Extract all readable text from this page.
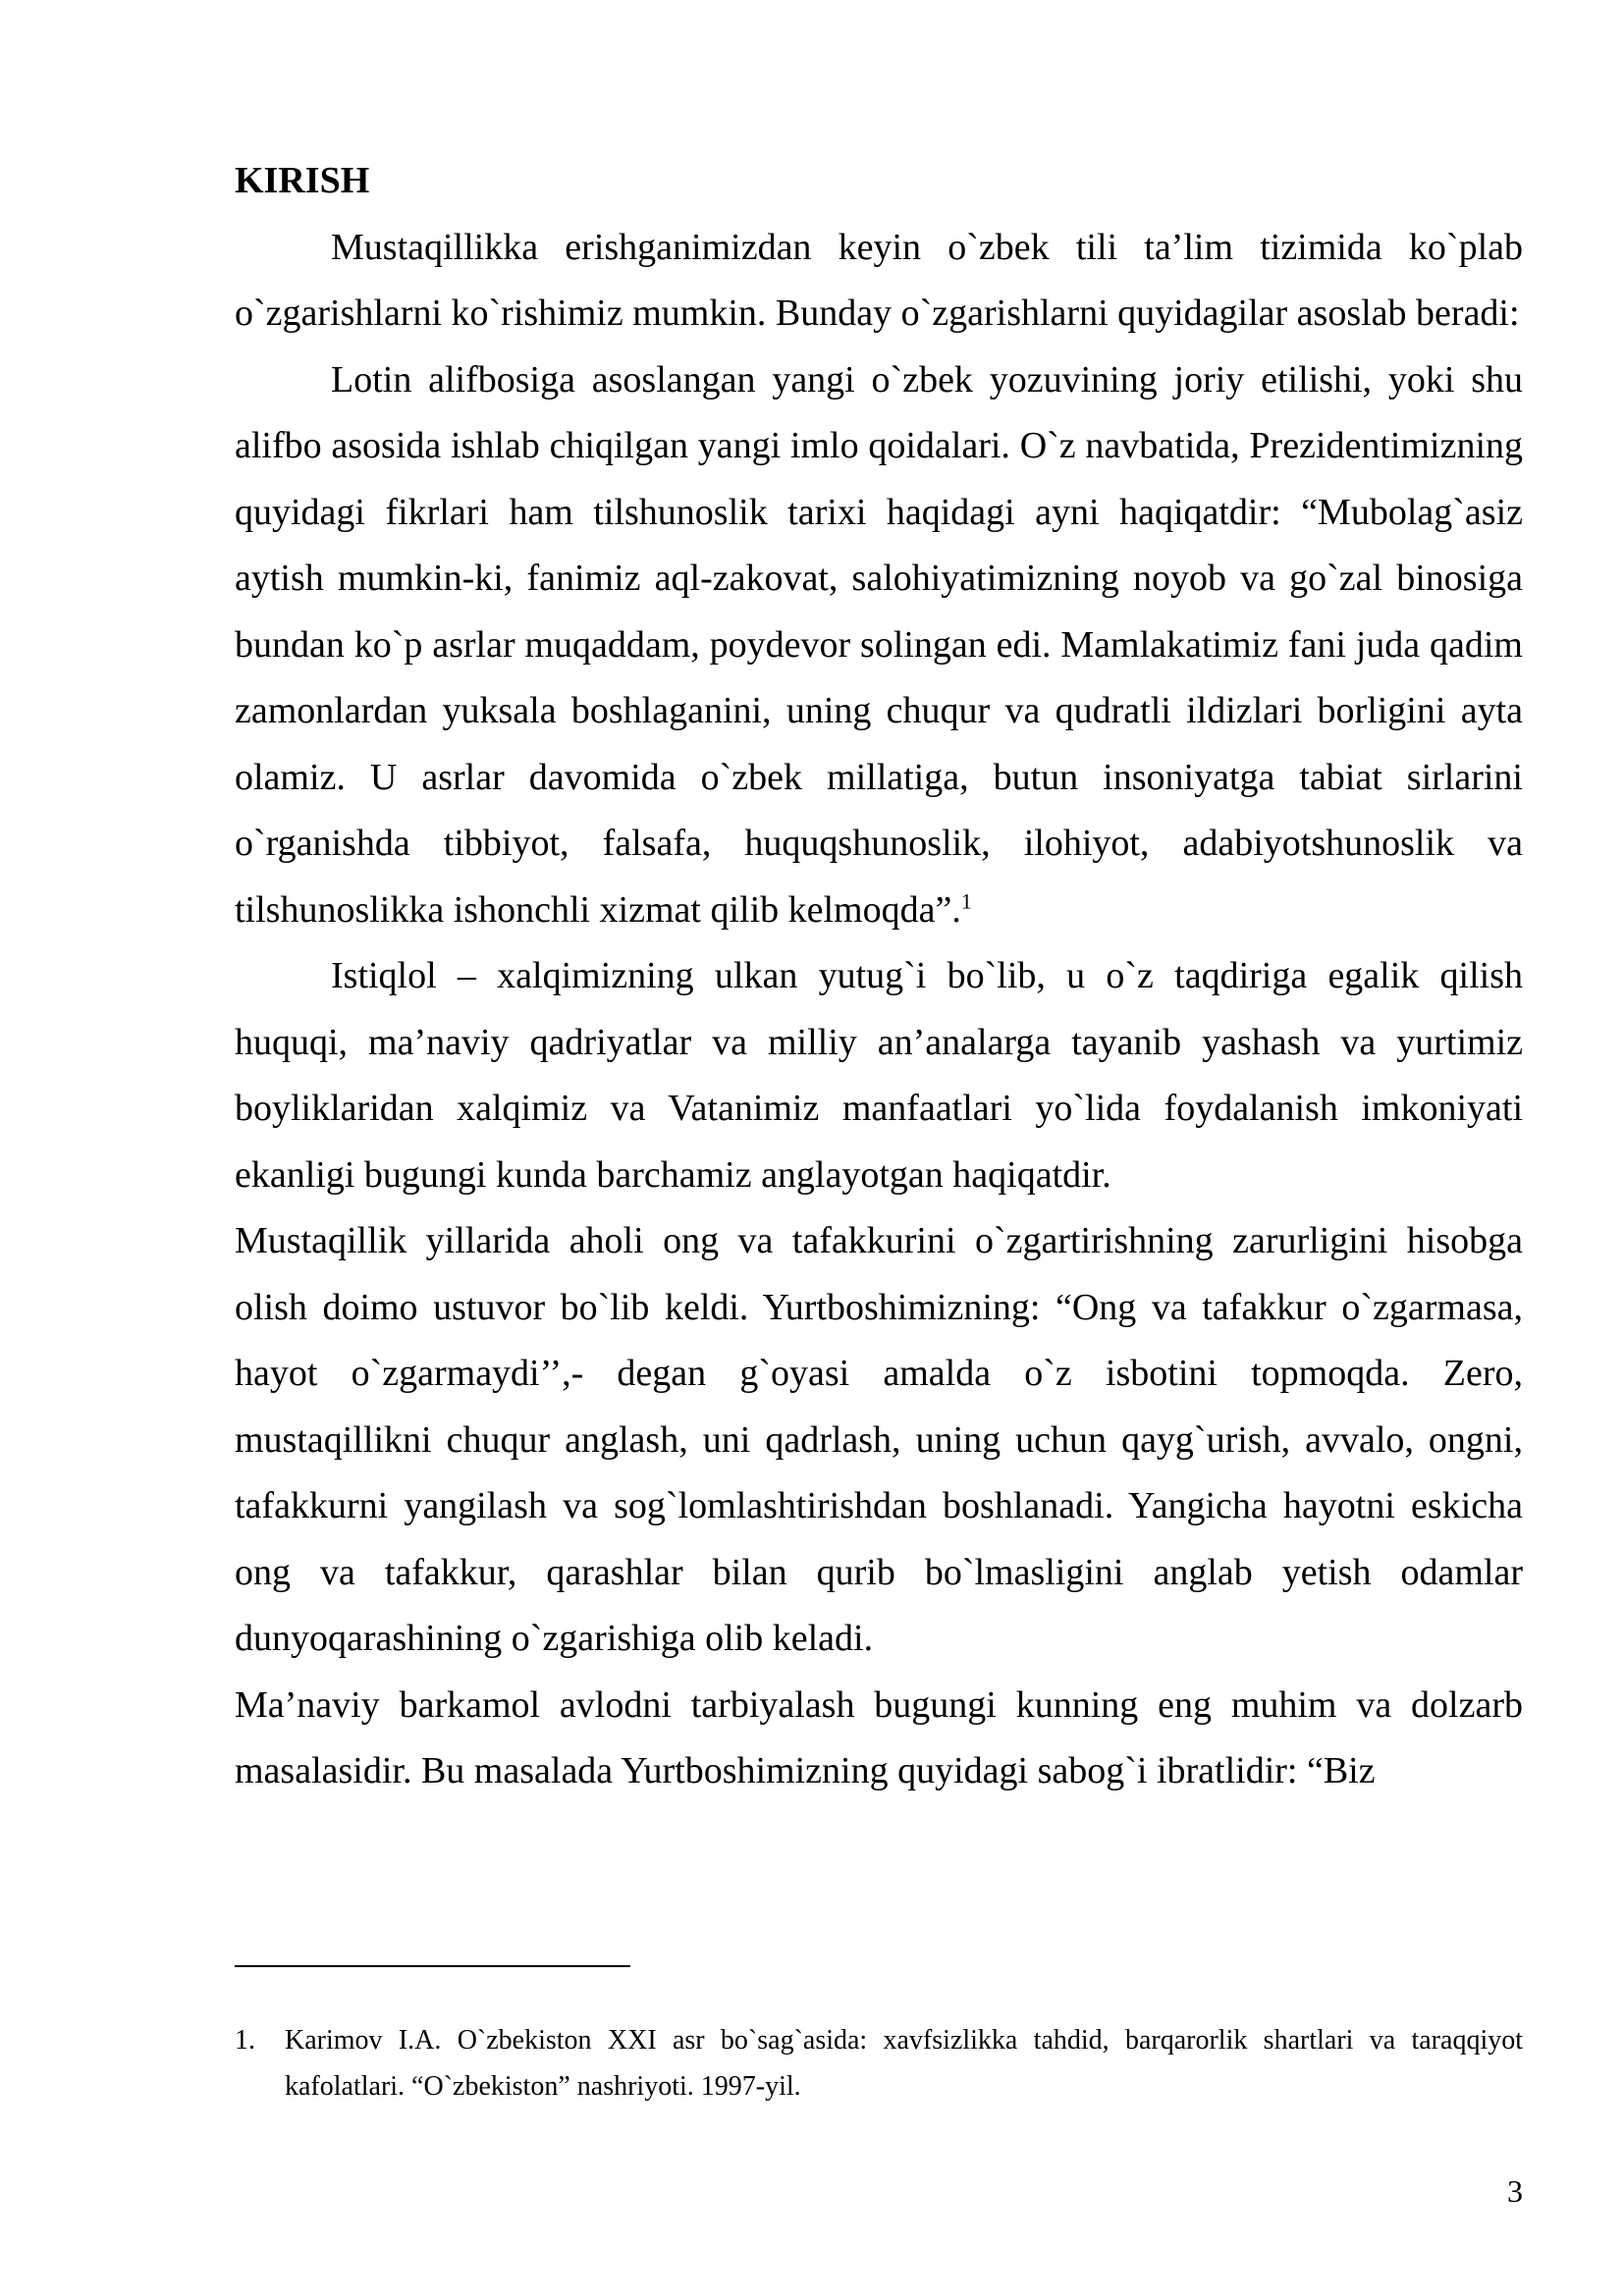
KIRISH

Mustaqillikka erishganimizdan keyin o`zbek tili ta’lim tizimida ko`plab o`zgarishlarni ko`rishimiz mumkin. Bunday o`zgarishlarni quyidagilar asoslab beradi:

Lotin alifbosiga asoslangan yangi o`zbek yozuvining joriy etilishi, yoki shu alifbo asosida ishlab chiqilgan yangi imlo qoidalari. O`z navbatida, Prezidentimizning quyidagi fikrlari ham tilshunoslik tarixi haqidagi ayni haqiqatdir: “Mubolag`asiz aytish mumkin-ki, fanimiz aql-zakovat, salohiyatimizning noyob va go`zal binosiga bundan ko`p asrlar muqaddam, poydevor solingan edi. Mamlakatimiz fani juda qadim zamonlardan yuksala boshlaganini, uning chuqur va qudratli ildizlari borligini ayta olamiz. U asrlar davomida o`zbek millatiga, butun insoniyatga tabiat sirlarini o`rganishda tibbiyot, falsafa, huquqshunoslik, ilohiyot, adabiyotshunoslik va tilshunoslikka ishonchli xizmat qilib kelmoqda”.$^1$

Istiqlol – xalqimizning ulkan yutug`i bo`lib, u o`z taqdiriga egalik qilish huquqi, ma’naviy qadriyatlar va milliy an’analarga tayanib yashash va yurtimiz boyliklaridan xalqimiz va Vatanimiz manfaatlari yo`lida foydalanish imkoniyati ekanligi bugungi kunda barchamiz anglayotgan haqiqatdir.

Mustaqillik yillarida aholi ong va tafakkurini o`zgartirishning zarurligini hisobga olish doimo ustuvor bo`lib keldi. Yurtboshimizning: “Ong va tafakkur o`zgarmasa, hayot o`zgarmaydi’’,- degan g`oyasi amalda o`z isbotini topmoqda. Zero, mustaqillikni chuqur anglash, uni qadrlash, uning uchun qayg`urish, avvalo, ongni, tafakkurni yangilash va sog`lomlashtirishdan boshlanadi. Yangicha hayotni eskicha ong va tafakkur, qarashlar bilan qurib bo`lmasligini anglab yetish odamlar dunyoqarashining o`zgarishiga olib keladi.

Ma’naviy barkamol avlodni tarbiyalash bugungi kunning eng muhim va dolzarb masalasidir. Bu masalada Yurtboshimizning quyidagi sabog`i ibratlidir: “Biz

1. Karimov I.A. O`zbekiston XXI asr bo`sag`asida: xavfsizlikka tahdid, barqarorlik shartlari va taraqqiyot kafolatlari. “O`zbekiston” nashriyoti. 1997-yil.
3
